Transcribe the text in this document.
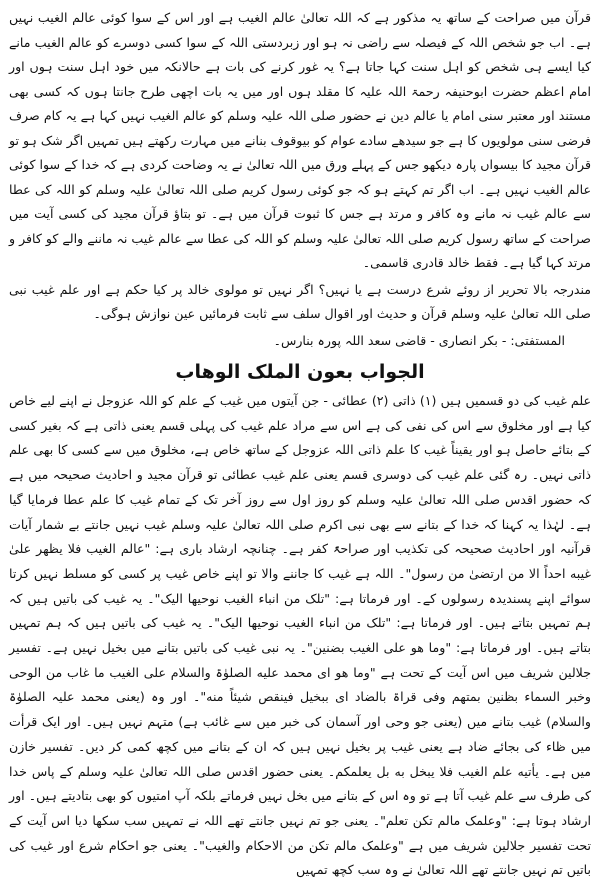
قرآن میں صراحت کے ساتھ یہ مذکور ہے کہ اللہ تعالیٰ عالم الغیب ہے اور اس کے سوا کوئی عالم الغیب نہیں ہے۔ اب جو شخص اللہ کے فیصلہ سے راضی نہ ہو اور زبردستی اللہ کے سوا کسی دوسرے کو عالم الغیب مانے کیا ایسے ہی شخص کو اہل سنت کہا جاتا ہے؟ یہ غور کرنے کی بات ہے حالانکہ میں خود اہل سنت ہوں اور امام اعظم حضرت ابوحنیفہ رحمۃ اللہ علیہ کا مقلد ہوں اور میں یہ بات اچھی طرح جانتا ہوں کہ کسی بھی مستند اور معتبر سنی امام یا عالم دین نے حضور صلی اللہ علیہ وسلم کو عالم الغیب نہیں کہا ہے یہ کام صرف فرضی سنی مولویوں کا ہے جو سیدھے سادے عوام کو بیوقوف بنانے میں مہارت رکھتے ہیں تمہیں اگر شک ہو تو قرآن مجید کا بیسواں پارہ دیکھو جس کے پہلے ورق میں اللہ تعالیٰ نے یہ وضاحت کردی ہے کہ خدا کے سوا کوئی عالم الغیب نہیں ہے۔ اب اگر تم کہتے ہو کہ جو کوئی رسول کریم صلی اللہ تعالیٰ علیہ وسلم کو اللہ کی عطا سے عالم غیب نہ مانے وہ کافر و مرتد ہے جس کا ثبوت قرآن میں ہے۔ تو بتاؤ قرآن مجید کی کسی آیت میں صراحت کے ساتھ رسول کریم صلی اللہ تعالیٰ علیہ وسلم کو اللہ کی عطا سے عالم غیب نہ ماننے والے کو کافر و مرتد کہا گیا ہے۔ فقط خالد قادری قاسمی۔

مندرجہ بالا تحریر از روئے شرع درست ہے یا نہیں؟ اگر نہیں تو مولوی خالد پر کیا حکم ہے اور علم غیب نبی صلی اللہ تعالیٰ علیہ وسلم قرآن و حدیث اور اقوال سلف سے ثابت فرمائیں عین نوازش ہوگی۔

المستفتی: - بکر انصاری - قاضی سعد اللہ پورہ بنارس۔

الجواب بعون الملک الوهاب

علم غیب کی دو قسمیں ہیں (۱) ذاتی (۲) عطائی - جن آیتوں میں غیب کے علم کو اللہ عزوجل نے اپنے لیے خاص کیا ہے اور مخلوق سے اس کی نفی کی ہے اس سے مراد علم غیب کی پہلی قسم یعنی ذاتی ہے کہ بغیر کسی کے بتائے حاصل ہو اور یقیناً غیب کا علم ذاتی اللہ عزوجل کے ساتھ خاص ہے، مخلوق میں سے کسی کا بھی علم ذاتی نہیں۔ رہ گئی علم غیب کی دوسری قسم یعنی علم غیب عطائی تو قرآن مجید و احادیث صحیحہ میں ہے کہ حضور اقدس صلی اللہ تعالیٰ علیہ وسلم کو روز اول سے روز آخر تک کے تمام غیب کا علم عطا فرمایا گیا ہے۔ لہٰذا یہ کہنا کہ خدا کے بتانے سے بھی نبی اکرم صلی اللہ تعالیٰ علیہ وسلم غیب نہیں جانتے بے شمار آیات قرآنیہ اور احادیث صحیحہ کی تکذیب اور صراحۃً کفر ہے۔ چنانچہ ارشاد باری ہے: "عالم الغیب فلا یظهر علیٰ غیبه احداً الا من ارتضیٰ من رسول"۔ اللہ ہے غیب کا جاننے والا تو اپنے خاص غیب پر کسی کو مسلط نہیں کرتا سوائے اپنے پسندیدہ رسولوں کے۔ اور فرماتا ہے: "تلک من انباء الغیب نوحیها الیک"۔ یہ غیب کی باتیں ہیں کہ ہم تمہیں بتاتے ہیں۔ اور فرماتا ہے: "تلک من انباء الغیب نوحیها الیک"۔ یہ غیب کی باتیں ہیں کہ ہم تمہیں بتاتے ہیں۔ اور فرماتا ہے: "وما هو علی الغیب بضنین"۔ یہ نبی غیب کی باتیں بتانے میں بخیل نہیں ہے۔ تفسیر جلالین شریف میں اس آیت کے تحت ہے "وما هو ای محمد علیه الصلوٰۃ والسلام علی الغیب ما غاب من الوحی وخبر السماء بظنین بمتهم وفی قراۃ بالضاد ای ببخیل فینقص شیئاً منه"۔ اور وہ (یعنی محمد علیہ الصلوٰۃ والسلام) غیب بتانے میں (یعنی جو وحی اور آسمان کی خبر میں سے غائب ہے) متہم نہیں ہیں۔ اور ایک قرأت میں ظاء کی بجائے ضاد ہے یعنی غیب پر بخیل نہیں ہیں کہ ان کے بتانے میں کچھ کمی کر دیں۔ تفسیر خازن میں ہے۔ یأتیه علم الغیب فلا یبخل به بل یعلمکم۔ یعنی حضور اقدس صلی اللہ تعالیٰ علیہ وسلم کے پاس خدا کی طرف سے علم غیب آتا ہے تو وہ اس کے بتانے میں بخل نہیں فرماتے بلکہ آپ امتیوں کو بھی بتادیتے ہیں۔ اور ارشاد ہوتا ہے: "وعلمک مالم تکن تعلم"۔ یعنی جو تم نہیں جانتے تھے اللہ نے تمہیں سب سکھا دیا اس آیت کے تحت تفسیر جلالین شریف میں ہے "وعلمک مالم تکن من الاحکام والغیب"۔ یعنی جو احکام شرع اور غیب کی باتیں تم نہیں جانتے تھے اللہ تعالیٰ نے وہ سب کچھ تمہیں
